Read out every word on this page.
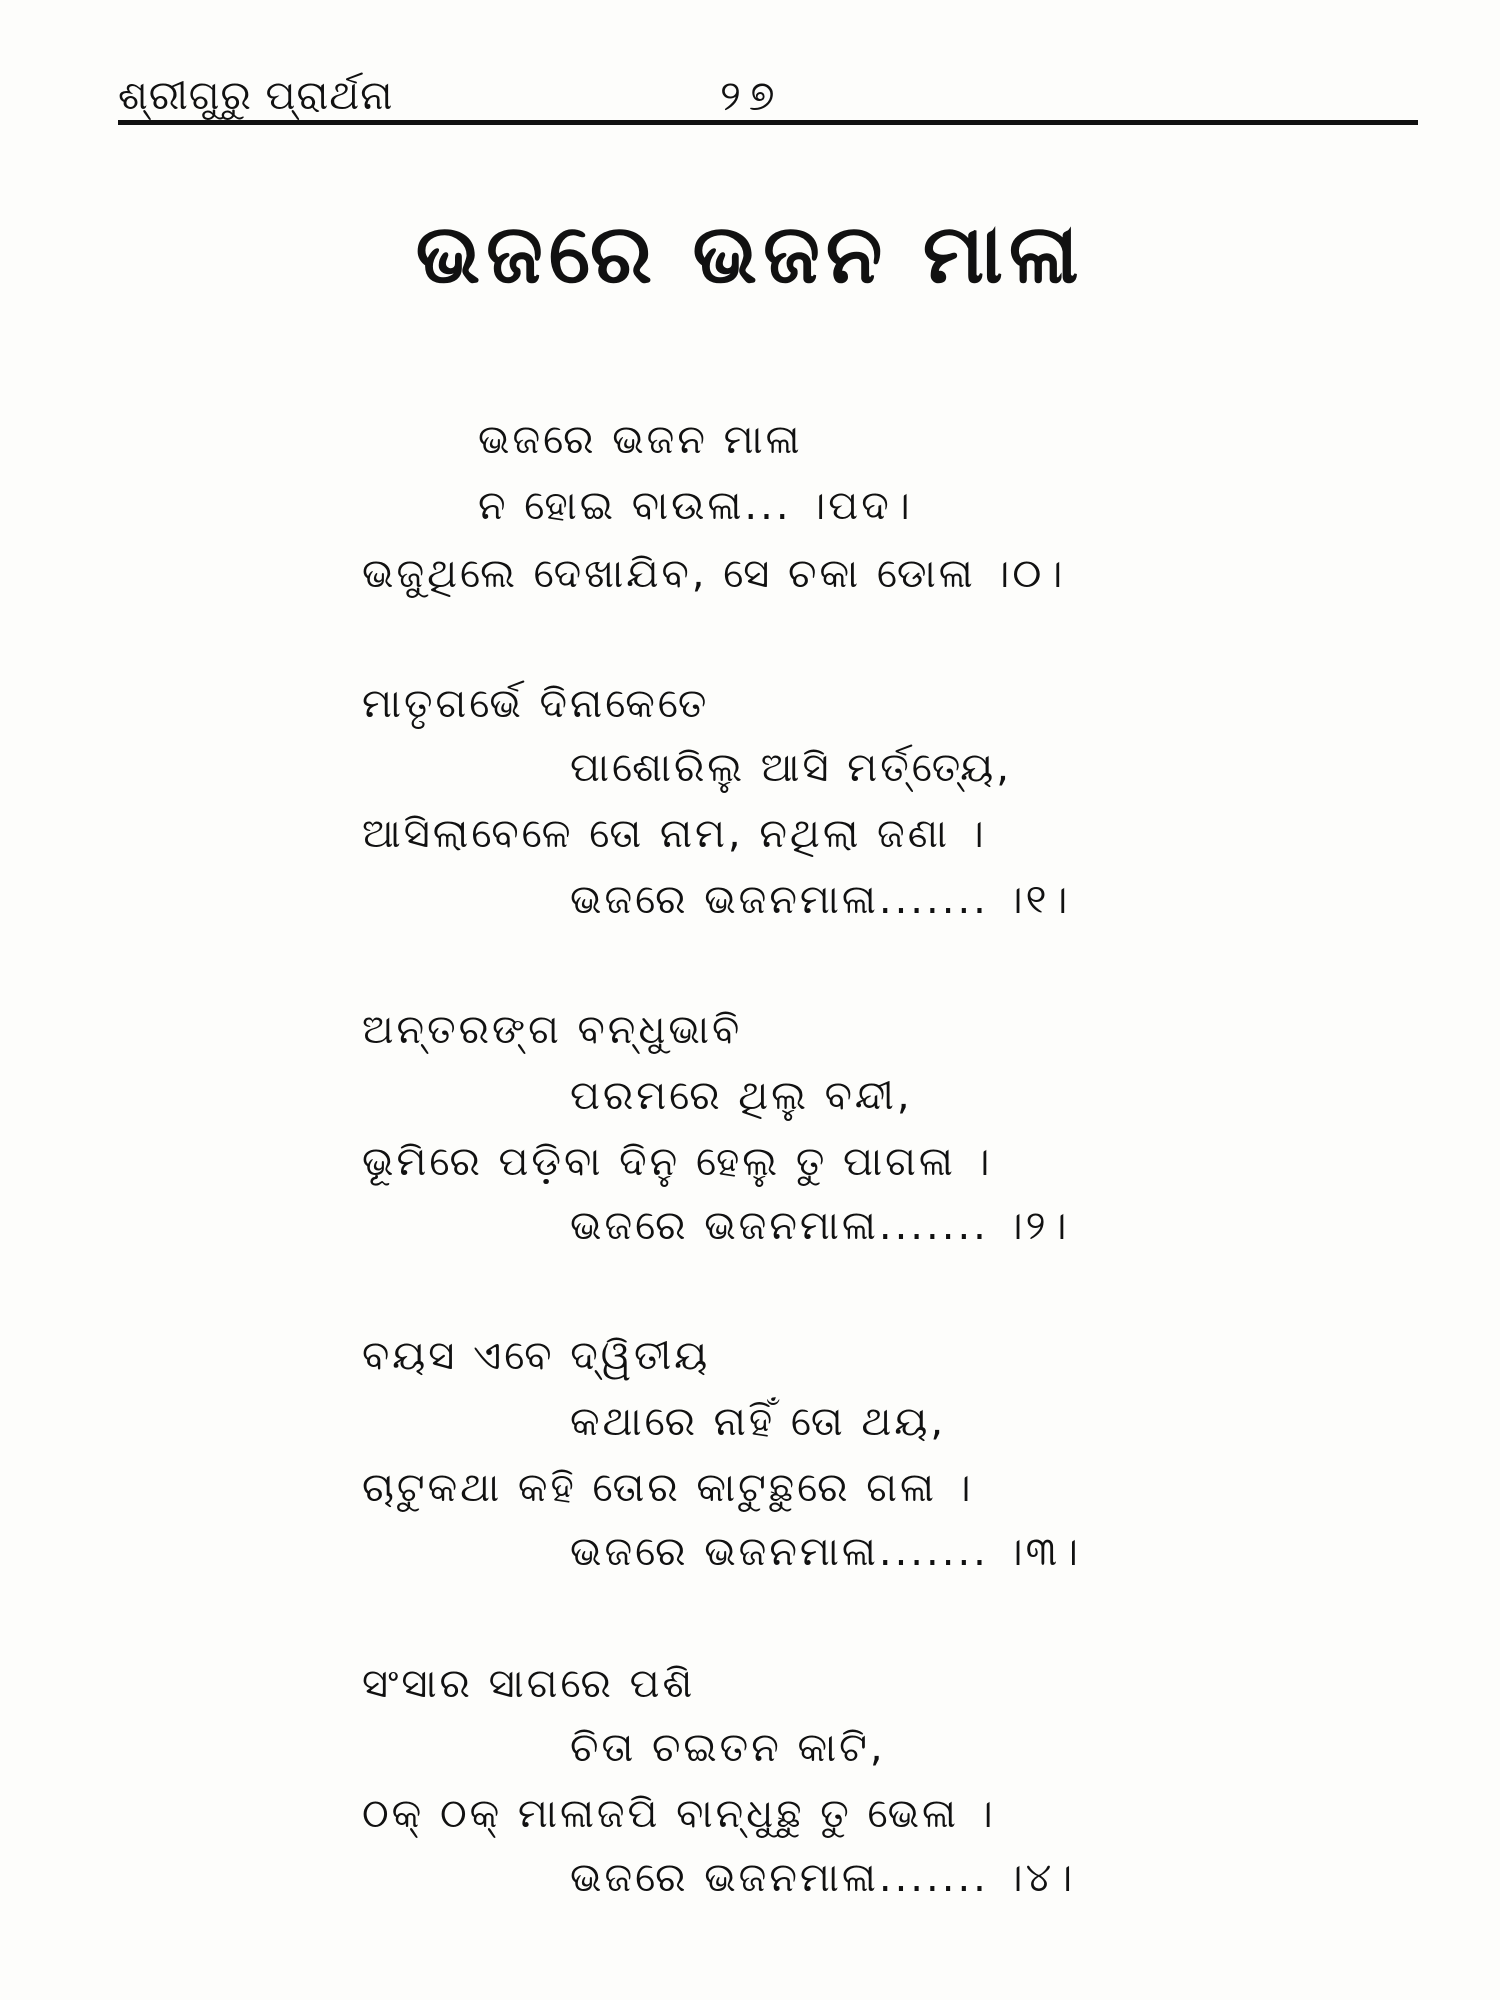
ଶ୍ରୀଗୁରୁ ପ୍ରାର୍ଥନା	୨୭
ଭଜରେ ଭଜନ ମାଳା
ଭଜରେ ଭଜନ ମାଳା
ନ ହୋଇ ବାଉଳା... ।ପଦ।
ଭଜୁଥିଲେ ଦେଖାଯିବ, ସେ ଚକା ଡୋଳା ।୦।
ମାତୃଗର୍ଭେ ଦିନାକେତେ
ପାଶୋରିଲୁ ଆସି ମର୍ତ୍ତ୍ୟେ,
ଆସିଲାବେଳେ ତୋ ନାମ, ନଥିଲା ଜଣା ।
ଭଜରେ ଭଜନମାଳା....... ।୧।
ଅନ୍ତରଙ୍ଗ ବନ୍ଧୁଭାବି
ପରମରେ ଥିଲୁ ବନ୍ଦୀ,
ଭୂମିରେ ପଡ଼ିବା ଦିନୁ ହେଲୁ ତୁ ପାଗଳା ।
ଭଜରେ ଭଜନମାଳା....... ।୨।
ବୟସ ଏବେ ଦ୍ୱିତୀୟ
କଥାରେ ନାହିଁ ତୋ ଥୟ,
ଚାଟୁକଥା କହି ତୋର କାଟୁଛୁରେ ଗଳା ।
ଭଜରେ ଭଜନମାଳା....... ।୩।
ସଂସାର ସାଗରେ ପଶି
ଚିତା ଚଇତନ କାଟି,
ଠକ୍ ଠକ୍ ମାଳାଜପି ବାନ୍ଧୁଛୁ ତୁ ଭେଳା ।
ଭଜରେ ଭଜନମାଳା....... ।୪।
